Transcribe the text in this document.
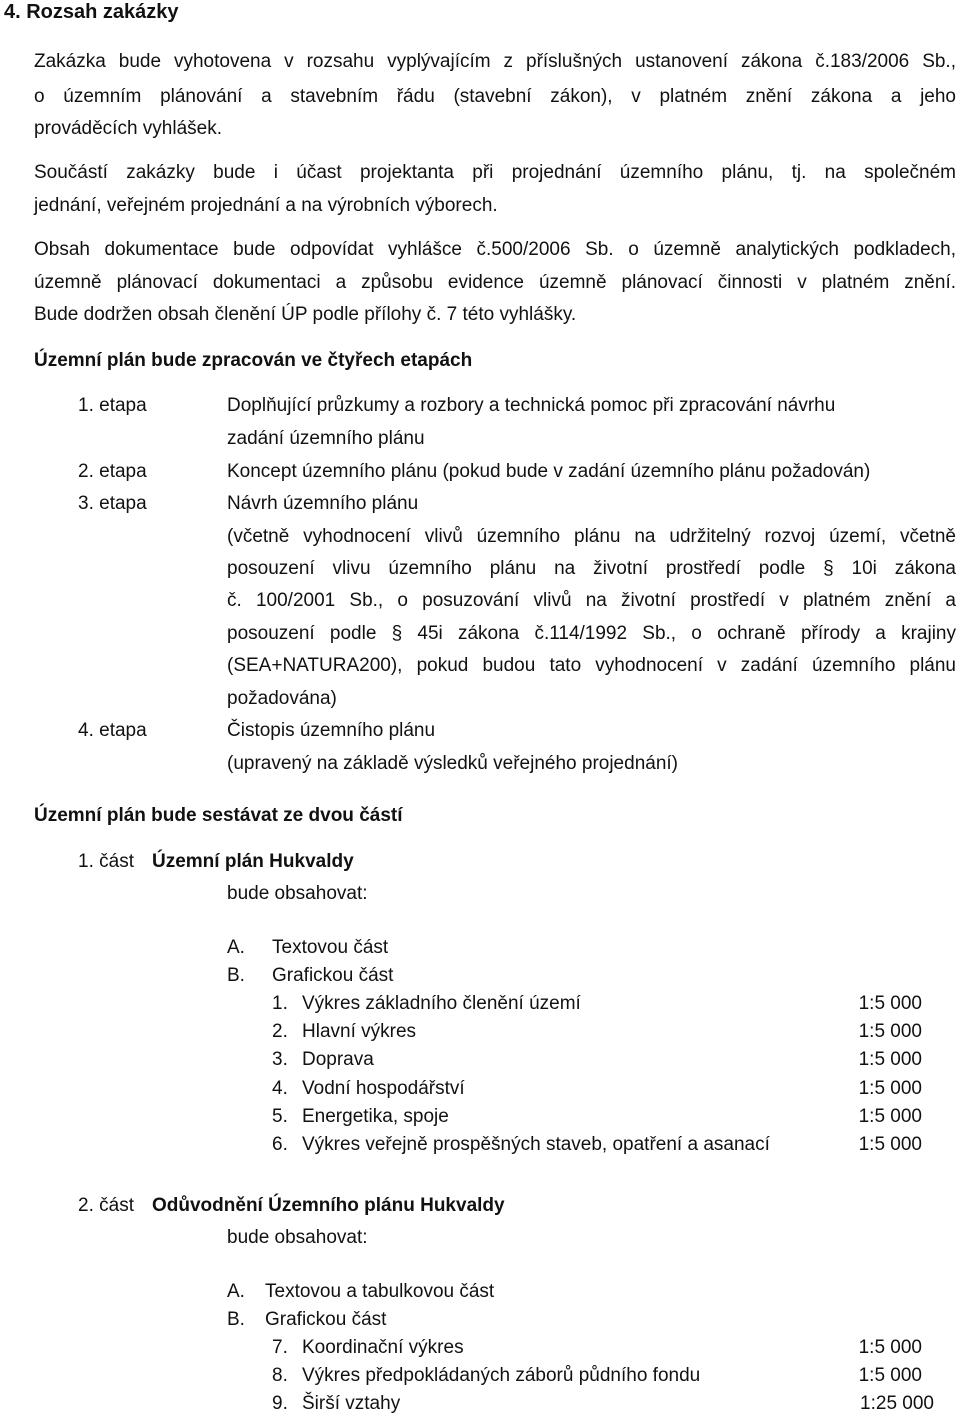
4. Rozsah zakázky
Zakázka bude vyhotovena v rozsahu vyplývajícím z příslušných ustanovení zákona č.183/2006 Sb.,
o územním plánování a stavebním řádu (stavební zákon), v platném znění zákona a jeho
prováděcích vyhlášek.
Součástí zakázky bude i účast projektanta při projednání územního plánu, tj. na společném
jednání, veřejném projednání a na výrobních výborech.
Obsah dokumentace bude odpovídat vyhlášce č.500/2006 Sb. o územně analytických podkladech,
územně plánovací dokumentaci a způsobu evidence územně plánovací činnosti v platném znění.
Bude dodržen obsah členění ÚP podle přílohy č. 7 této vyhlášky.
Územní plán bude zpracován ve čtyřech etapách
1. etapa	Doplňující průzkumy a rozbory a technická pomoc při zpracování návrhu
zadání územního plánu
2. etapa	Koncept územního plánu (pokud bude v zadání územního plánu požadován)
3. etapa	Návrh územního plánu
(včetně vyhodnocení vlivů územního plánu na udržitelný rozvoj území, včetně
posouzení vlivu územního plánu na životní prostředí podle § 10i zákona
č. 100/2001 Sb., o posuzování vlivů na životní prostředí v platném znění a
posouzení podle § 45i zákona č.114/1992 Sb., o ochraně přírody a krajiny
(SEA+NATURA200), pokud budou tato vyhodnocení v zadání územního plánu
požadována)
4. etapa	Čistopis územního plánu
(upravený na základě výsledků veřejného projednání)
Územní plán bude sestávat ze dvou částí
1. část Územní plán Hukvaldy
bude obsahovat:
A. Textovou část
B. Grafickou část
1. Výkres základního členění území	1:5 000
2. Hlavní výkres	1:5 000
3. Doprava	1:5 000
4. Vodní hospodářství	1:5 000
5. Energetika, spoje	1:5 000
6. Výkres veřejně prospěšných staveb, opatření a asanací	1:5 000
2. část Odůvodnění Územního plánu Hukvaldy
bude obsahovat:
A. Textovou a tabulkovou část
B. Grafickou část
7. Koordinační výkres	1:5 000
8. Výkres předpokládaných záborů půdního fondu	1:5 000
9. Širší vztahy	1:25 000
